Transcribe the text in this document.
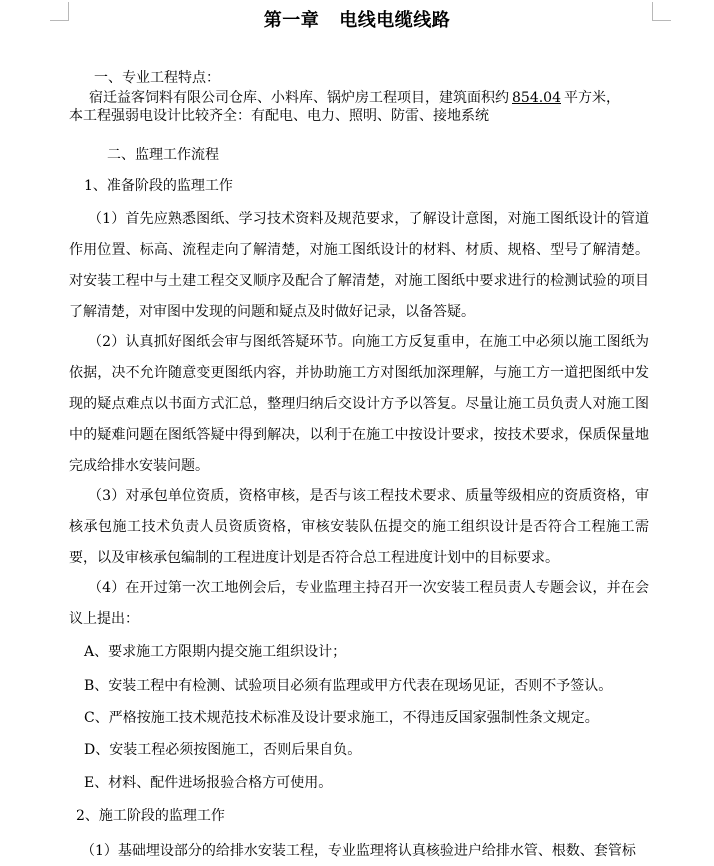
第一章 电线电缆线路
一、专业工程特点：
宿迁益客饲料有限公司仓库、小料库、锅炉房工程项目，建筑面积约 854.04 平方米，
本工程强弱电设计比较齐全：有配电、电力、照明、防雷、接地系统
二、监理工作流程
1、准备阶段的监理工作
（1）首先应熟悉图纸、学习技术资料及规范要求，了解设计意图，对施工图纸设计的管道作用位置、标高、流程走向了解清楚，对施工图纸设计的材料、材质、规格、型号了解清楚。对安装工程中与土建工程交叉顺序及配合了解清楚，对施工图纸中要求进行的检测试验的项目了解清楚，对审图中发现的问题和疑点及时做好记录，以备答疑。
（2）认真抓好图纸会审与图纸答疑环节。向施工方反复重申，在施工中必须以施工图纸为依据，决不允许随意变更图纸内容，并协助施工方对图纸加深理解，与施工方一道把图纸中发现的疑点难点以书面方式汇总，整理归纳后交设计方予以答复。尽量让施工员负责人对施工图中的疑难问题在图纸答疑中得到解决，以利于在施工中按设计要求，按技术要求，保质保量地完成给排水安装问题。
（3）对承包单位资质，资格审核，是否与该工程技术要求、质量等级相应的资质资格，审核承包施工技术负责人员资质资格，审核安装队伍提交的施工组织设计是否符合工程施工需要，以及审核承包编制的工程进度计划是否符合总工程进度计划中的目标要求。
（4）在开过第一次工地例会后，专业监理主持召开一次安装工程员责人专题会议，并在会议上提出：
A、要求施工方限期内提交施工组织设计；
B、安装工程中有检测、试验项目必须有监理或甲方代表在现场见证，否则不予签认。
C、严格按施工技术规范技术标准及设计要求施工，不得违反国家强制性条文规定。
D、安装工程必须按图施工，否则后果自负。
E、材料、配件进场报验合格方可使用。
2、施工阶段的监理工作
（1）基础埋设部分的给排水安装工程，专业监理将认真核验进户给排水管、根数、套管标
